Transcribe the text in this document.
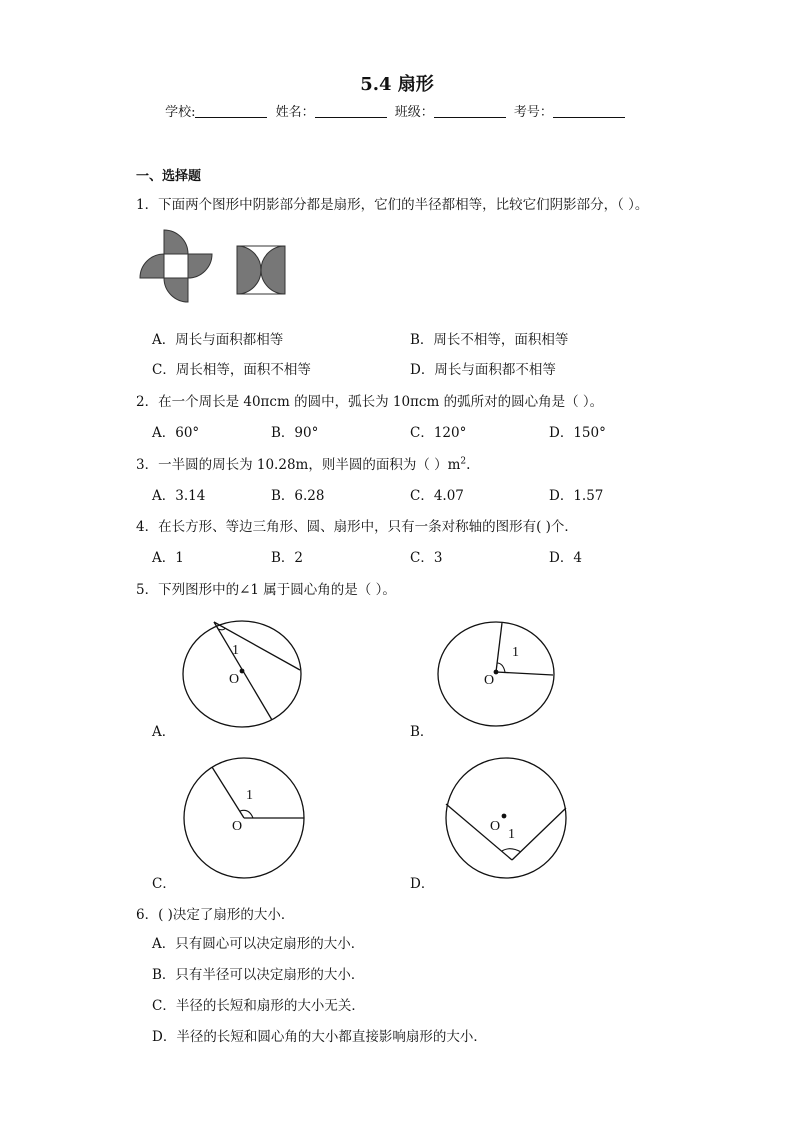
5.4 扇形
学校:	姓名：	班级：	考号：
一、选择题
1．下面两个图形中阴影部分都是扇形，它们的半径都相等，比较它们阴影部分，（ ）。
A．周长与面积都相等	B．周长不相等，面积相等
C．周长相等，面积不相等	D．周长与面积都不相等
2．在一个周长是 40πcm 的圆中，弧长为 10πcm 的弧所对的圆心角是（ ）。
A．60°	B．90°	C．120°	D．150°
3．一半圆的周长为 10.28m，则半圆的面积为（ ）$m^2$.
A．3.14	B．6.28	C．4.07	D．1.57
4．在长方形、等边三角形、圆、扇形中，只有一条对称轴的图形有( )个．
A．1	B．2	C．3	D．4
5．下列图形中的∠1 属于圆心角的是（ ）。
1
O
A．
1
O
B．
1
O
C．
O
1
D．
6．( )决定了扇形的大小．
A．只有圆心可以决定扇形的大小．
B．只有半径可以决定扇形的大小．
C．半径的长短和扇形的大小无关．
D．半径的长短和圆心角的大小都直接影响扇形的大小．
